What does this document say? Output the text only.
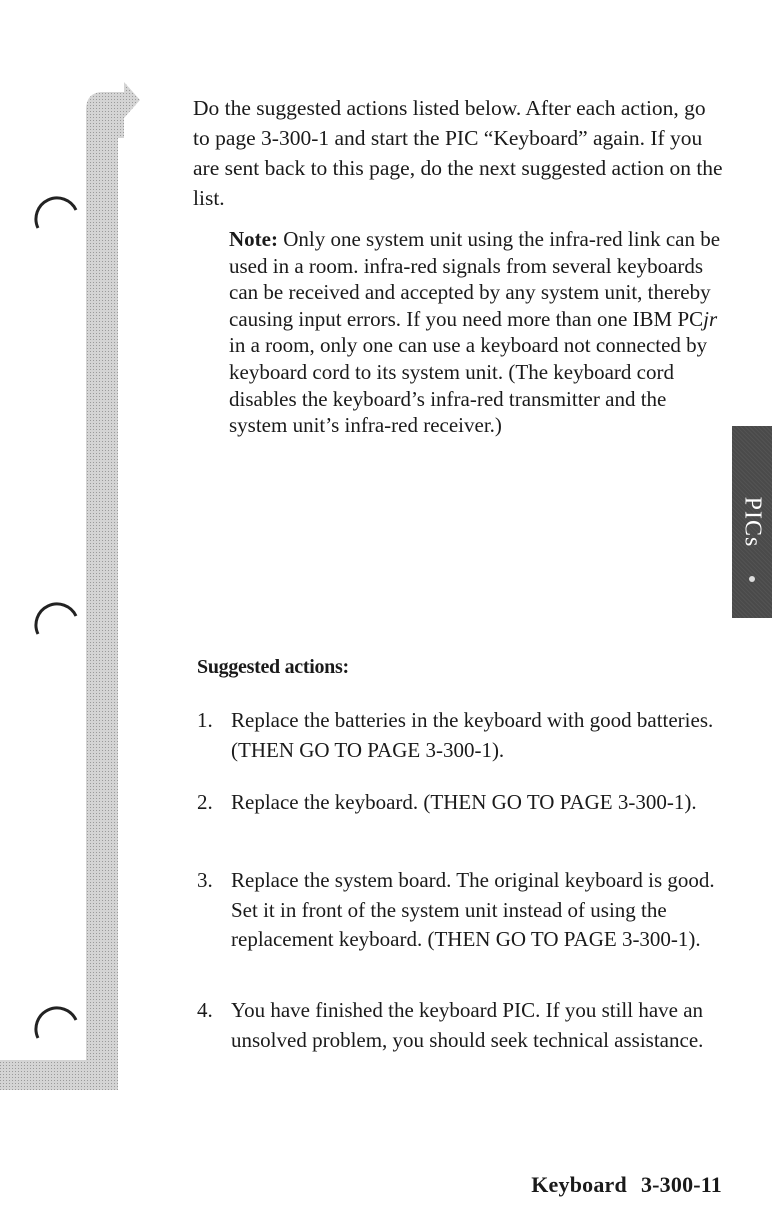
Do the suggested actions listed below. After each action, go to page 3-300-1 and start the PIC “Keyboard” again. If you are sent back to this page, do the next suggested action on the list.

Note: Only one system unit using the infra-red link can be used in a room. infra-red signals from several keyboards can be received and accepted by any system unit, thereby causing input errors. If you need more than one IBM PCjr in a room, only one can use a keyboard not connected by keyboard cord to its system unit. (The keyboard cord disables the keyboard’s infra-red transmitter and the system unit’s infra-red receiver.)

PICs
Suggested actions:
1. Replace the batteries in the keyboard with good batteries. (THEN GO TO PAGE 3-300-1).
2. Replace the keyboard. (THEN GO TO PAGE 3-300-1).
3. Replace the system board. The original keyboard is good. Set it in front of the system unit instead of using the replacement keyboard. (THEN GO TO PAGE 3-300-1).
4. You have finished the keyboard PIC. If you still have an unsolved problem, you should seek technical assistance.

Keyboard 3-300-11
